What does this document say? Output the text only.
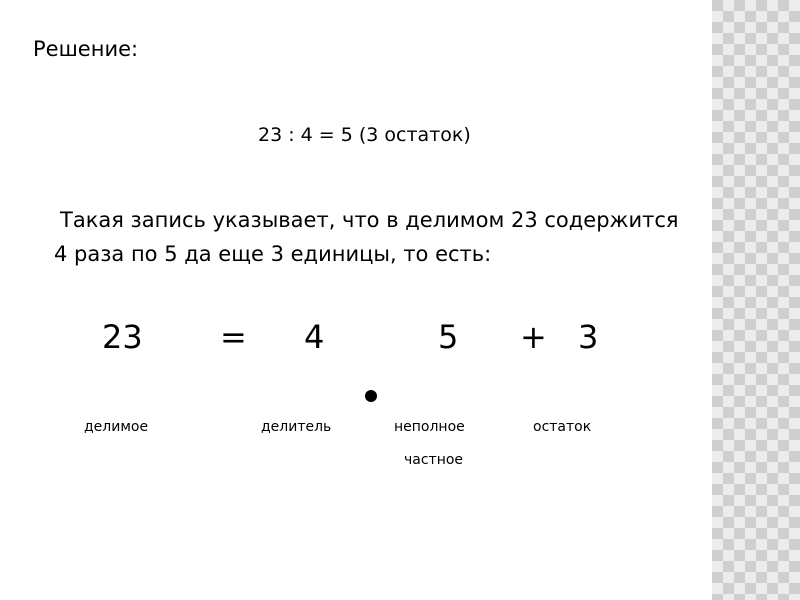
Решение:
23 : 4 = 5 (3 остаток)
Такая запись указывает, что в делимом 23 содержится 4 раза по 5 да еще 3 единицы, то есть:
23 = 4	5 + 3
делимое	делитель	неполное
частное
остаток
